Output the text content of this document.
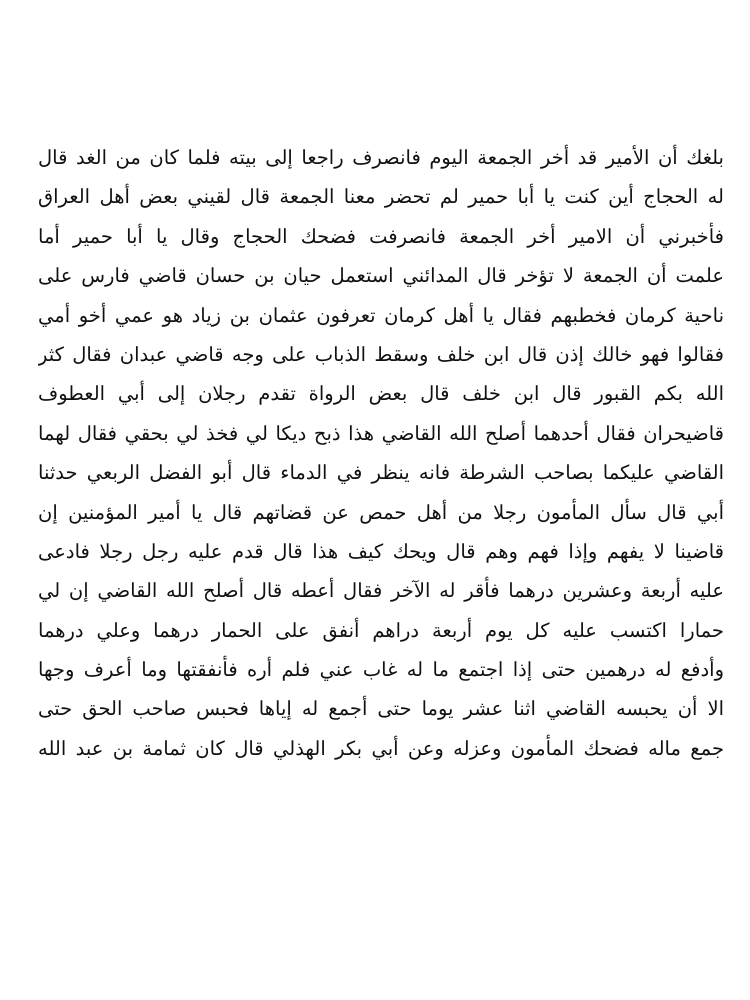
بلغك أن الأمير قد أخر الجمعة اليوم فانصرف راجعا إلى بيته فلما كان من الغد قال
له الحجاج أين كنت يا أبا حمير لم تحضر معنا الجمعة قال لقيني بعض أهل العراق
فأخبرني أن الامير أخر الجمعة فانصرفت فضحك الحجاج وقال يا أبا حمير أما
علمت أن الجمعة لا تؤخر قال المدائني استعمل حيان بن حسان قاضي فارس على
ناحية كرمان فخطبهم فقال يا أهل كرمان تعرفون عثمان بن زياد هو عمي أخو أمي
فقالوا فهو خالك إذن قال ابن خلف وسقط الذباب على وجه قاضي عبدان فقال كثر
الله بكم القبور قال ابن خلف قال بعض الرواة تقدم رجلان إلى أبي العطوف
قاضيحران فقال أحدهما أصلح الله القاضي هذا ذبح ديكا لي فخذ لي بحقي فقال لهما
القاضي عليكما بصاحب الشرطة فانه ينظر في الدماء قال أبو الفضل الربعي حدثنا
أبي قال سأل المأمون رجلا من أهل حمص عن قضاتهم قال يا أمير المؤمنين إن
قاضينا لا يفهم وإذا فهم وهم قال ويحك كيف هذا قال قدم عليه رجل رجلا فادعى
عليه أربعة وعشرين درهما فأقر له الآخر فقال أعطه قال أصلح الله القاضي إن لي
حمارا اكتسب عليه كل يوم أربعة دراهم أنفق على الحمار درهما وعلي درهما
وأدفع له درهمين حتى إذا اجتمع ما له غاب عني فلم أره فأنفقتها وما أعرف وجها
الا أن يحبسه القاضي اثنا عشر يوما حتى أجمع له إياها فحبس صاحب الحق حتى
جمع ماله فضحك المأمون وعزله وعن أبي بكر الهذلي قال كان ثمامة بن عبد الله
